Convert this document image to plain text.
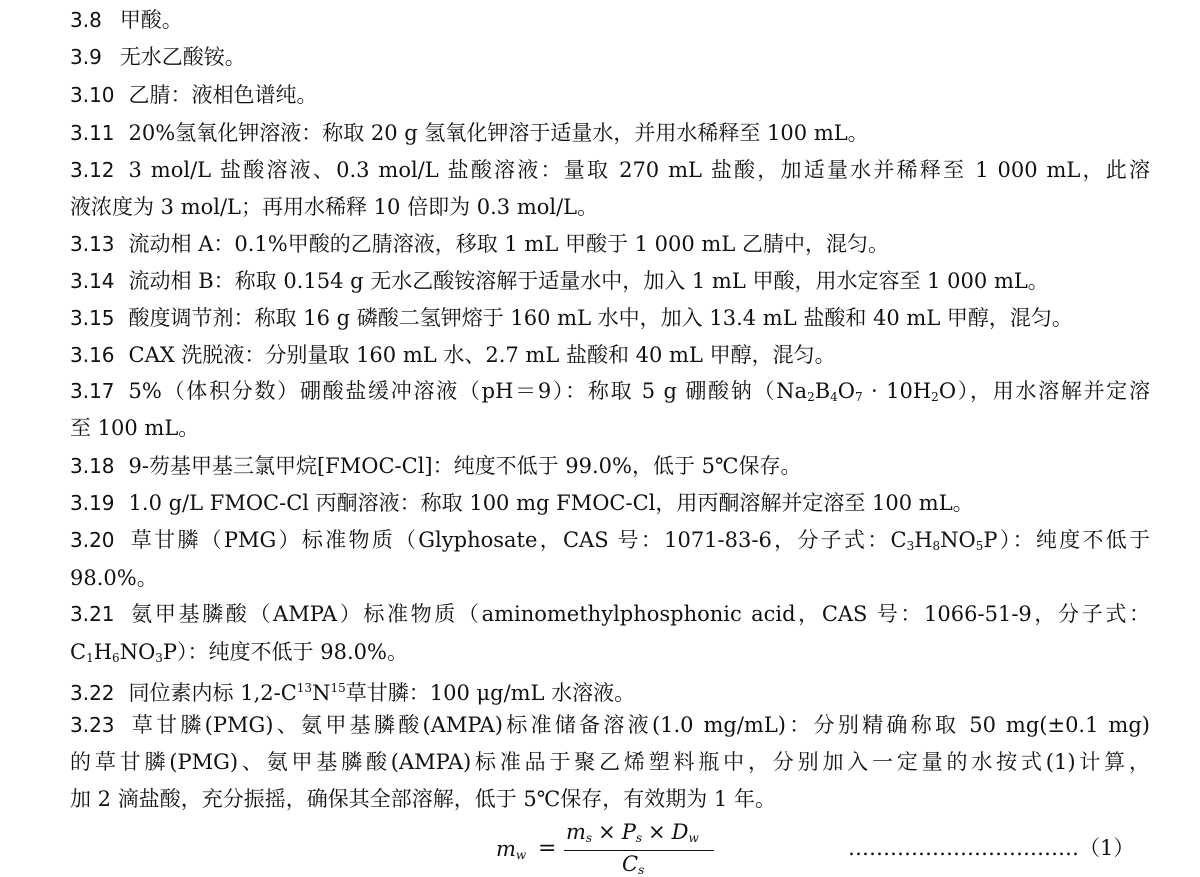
3.8 甲酸。
3.9 无水乙酸铵。
3.10 乙腈：液相色谱纯。
3.11 20%氢氧化钾溶液：称取 20 g 氢氧化钾溶于适量水，并用水稀释至 100 mL。
3.12 3 mol/L 盐酸溶液、0.3 mol/L 盐酸溶液：量取 270 mL 盐酸，加适量水并稀释至 1 000 mL，此溶
液浓度为 3 mol/L；再用水稀释 10 倍即为 0.3 mol/L。
3.13 流动相 A：0.1%甲酸的乙腈溶液，移取 1 mL 甲酸于 1 000 mL 乙腈中，混匀。
3.14 流动相 B：称取 0.154 g 无水乙酸铵溶解于适量水中，加入 1 mL 甲酸，用水定容至 1 000 mL。
3.15 酸度调节剂：称取 16 g 磷酸二氢钾熔于 160 mL 水中，加入 13.4 mL 盐酸和 40 mL 甲醇，混匀。
3.16 CAX 洗脱液：分别量取 160 mL 水、2.7 mL 盐酸和 40 mL 甲醇，混匀。
3.17 5%（体积分数）硼酸盐缓冲溶液（pH＝9）：称取 5 g 硼酸钠$(Na_2B_4O_7 \cdot 10H_2O)$，用水溶解并定溶
至 100 mL。
3.18 9-芴基甲基三氯甲烷[FMOC-Cl]：纯度不低于 99.0%，低于 5℃保存。
3.19 1.0 g/L FMOC-Cl 丙酮溶液：称取 100 mg FMOC-Cl，用丙酮溶解并定溶至 100 mL。
3.20 草甘膦（PMG）标准物质（Glyphosate，CAS 号：1071-83-6，分子式：$C_3H_8NO_5P$）：纯度不低于
98.0%。
3.21 氨甲基膦酸（AMPA）标准物质（aminomethylphosphonic acid，CAS 号：1066-51-9，分子式：
$C_1H_6NO_3P$）：纯度不低于 98.0%。
3.22 同位素内标 $1,2-C^{13}N^{15}$草甘膦：100 μg/mL 水溶液。
3.23 草甘膦(PMG)、氨甲基膦酸(AMPA)标准储备溶液(1.0 mg/mL)：分别精确称取 50 mg(±0.1 mg)
的草甘膦(PMG)、氨甲基膦酸(AMPA)标准品于聚乙烯塑料瓶中，分别加入一定量的水按式(1)计算，
加 2 滴盐酸，充分振摇，确保其全部溶解，低于 5℃保存，有效期为 1 年。
$m_w$ =
$m_s \times P_s \times D_w$
$C_s$
……………………………（1）
